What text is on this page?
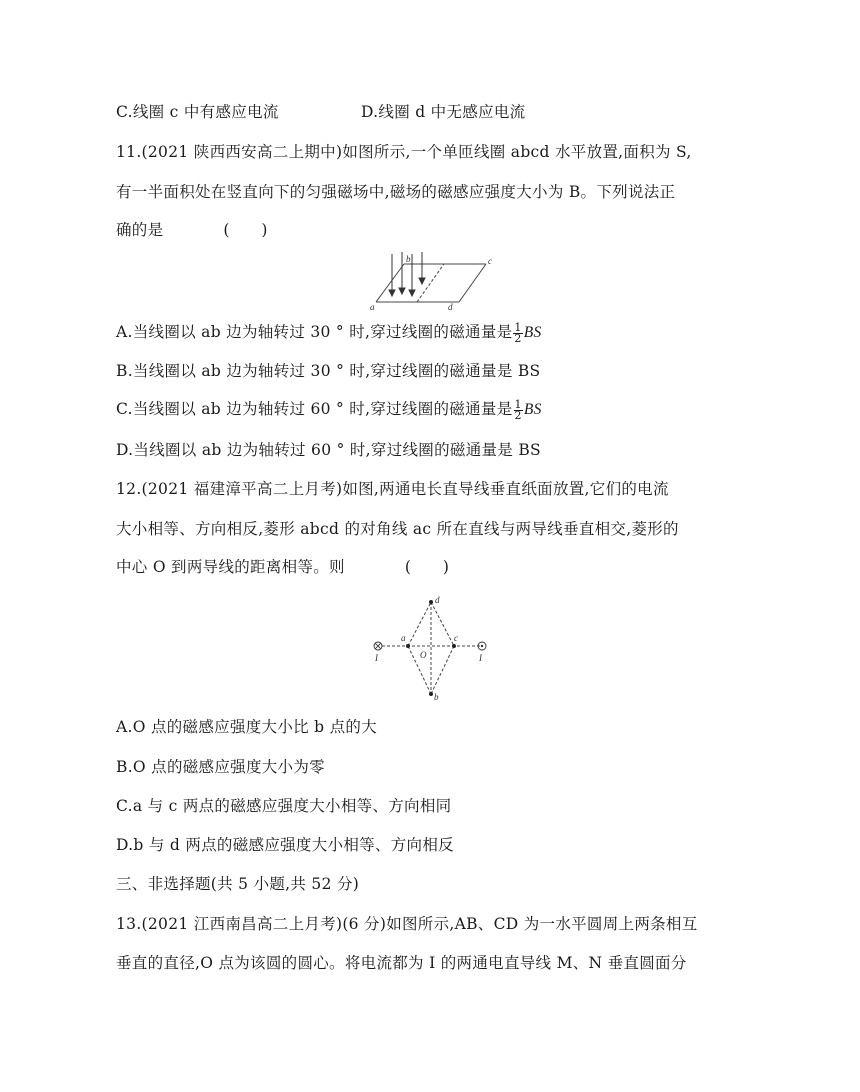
C.线圈 c 中有感应电流	D.线圈 d 中无感应电流
11.(2021 陕西西安高二上期中)如图所示,一个单匝线圈 abcd 水平放置,面积为 S,
有一半面积处在竖直向下的匀强磁场中,磁场的磁感应强度大小为 B。下列说法正
确的是	(　　)
a
b	c
d
A.当线圈以 ab 边为轴转过 30 ° 时,穿过线圈的磁通量是 $\frac{1}{2}$ BS
B.当线圈以 ab 边为轴转过 30 ° 时,穿过线圈的磁通量是 BS
C.当线圈以 ab 边为轴转过 60 ° 时,穿过线圈的磁通量是 $\frac{1}{2}$ BS
D.当线圈以 ab 边为轴转过 60 ° 时,穿过线圈的磁通量是 BS
12.(2021 福建漳平高二上月考)如图,两通电长直导线垂直纸面放置,它们的电流
大小相等、方向相反,菱形 abcd 的对角线 ac 所在直线与两导线垂直相交,菱形的
中心 O 到两导线的距离相等。则	(　　)
a
b
c
d
O
I	I
A.O 点的磁感应强度大小比 b 点的大
B.O 点的磁感应强度大小为零
C.a 与 c 两点的磁感应强度大小相等、方向相同
D.b 与 d 两点的磁感应强度大小相等、方向相反
三、非选择题(共 5 小题,共 52 分)
13.(2021 江西南昌高二上月考)(6 分)如图所示,AB、CD 为一水平圆周上两条相互
垂直的直径,O 点为该圆的圆心。将电流都为 I 的两通电直导线 M、N 垂直圆面分
